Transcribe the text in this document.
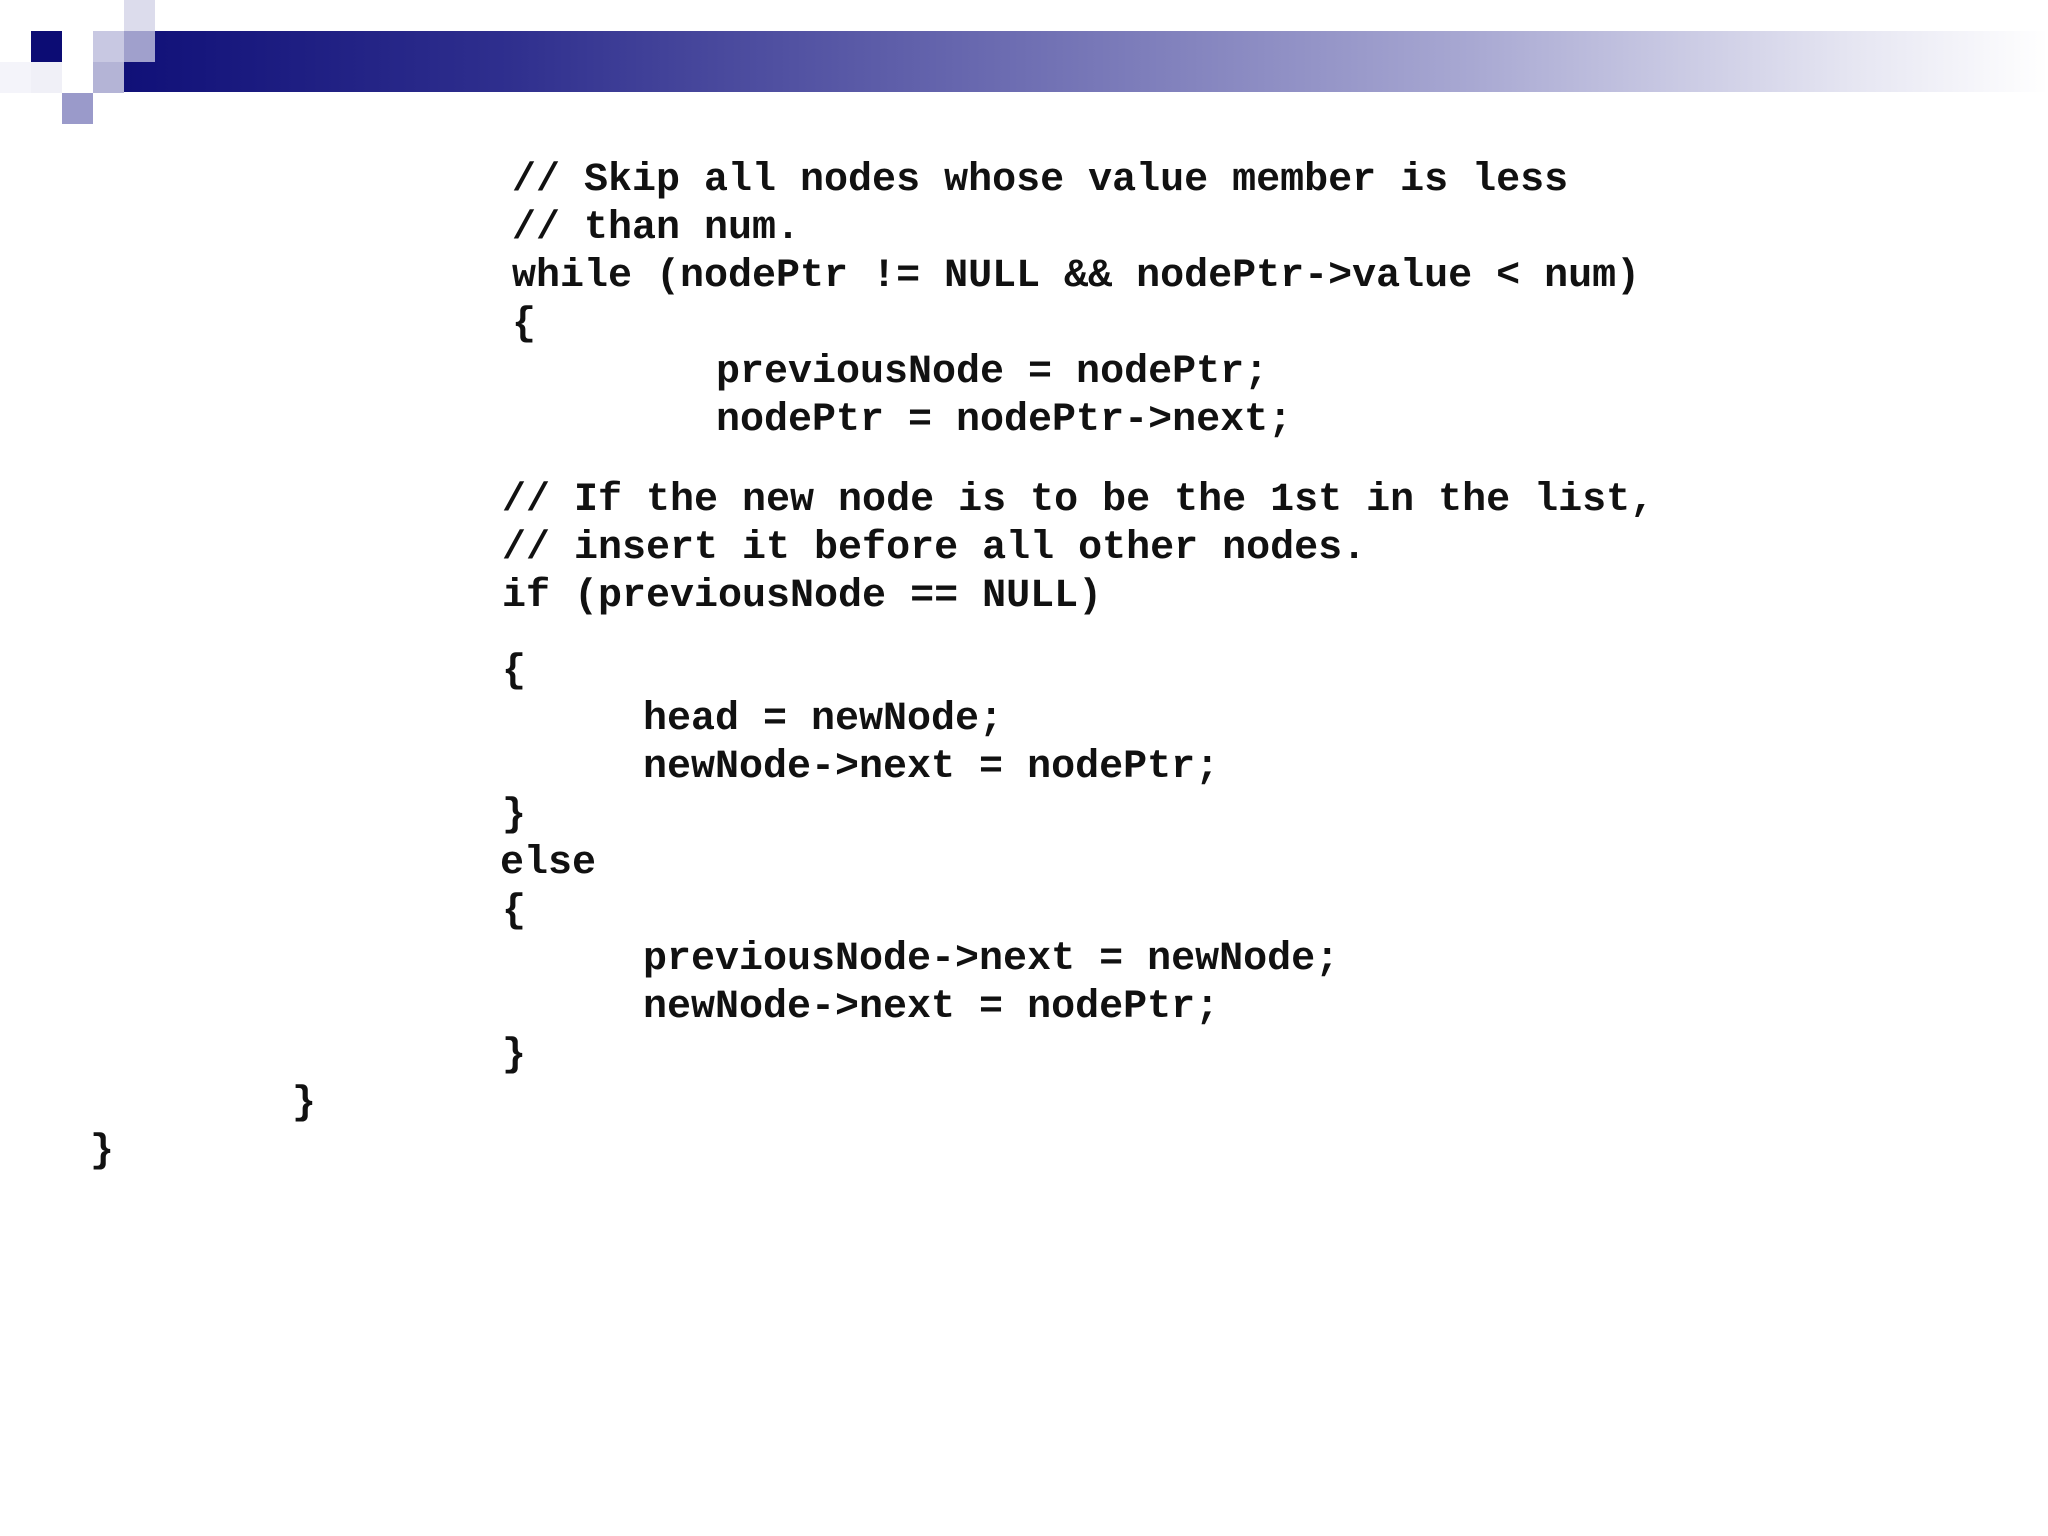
// Skip all nodes whose value member is less

// than num.

while (nodePtr != NULL && nodePtr->value < num)

{

previousNode = nodePtr;

nodePtr = nodePtr->next;

// If the new node is to be the 1st in the list,

// insert it before all other nodes.

if (previousNode == NULL)

{

head = newNode;

newNode->next = nodePtr;

}

else

{

previousNode->next = newNode;

newNode->next = nodePtr;

}

}

}
